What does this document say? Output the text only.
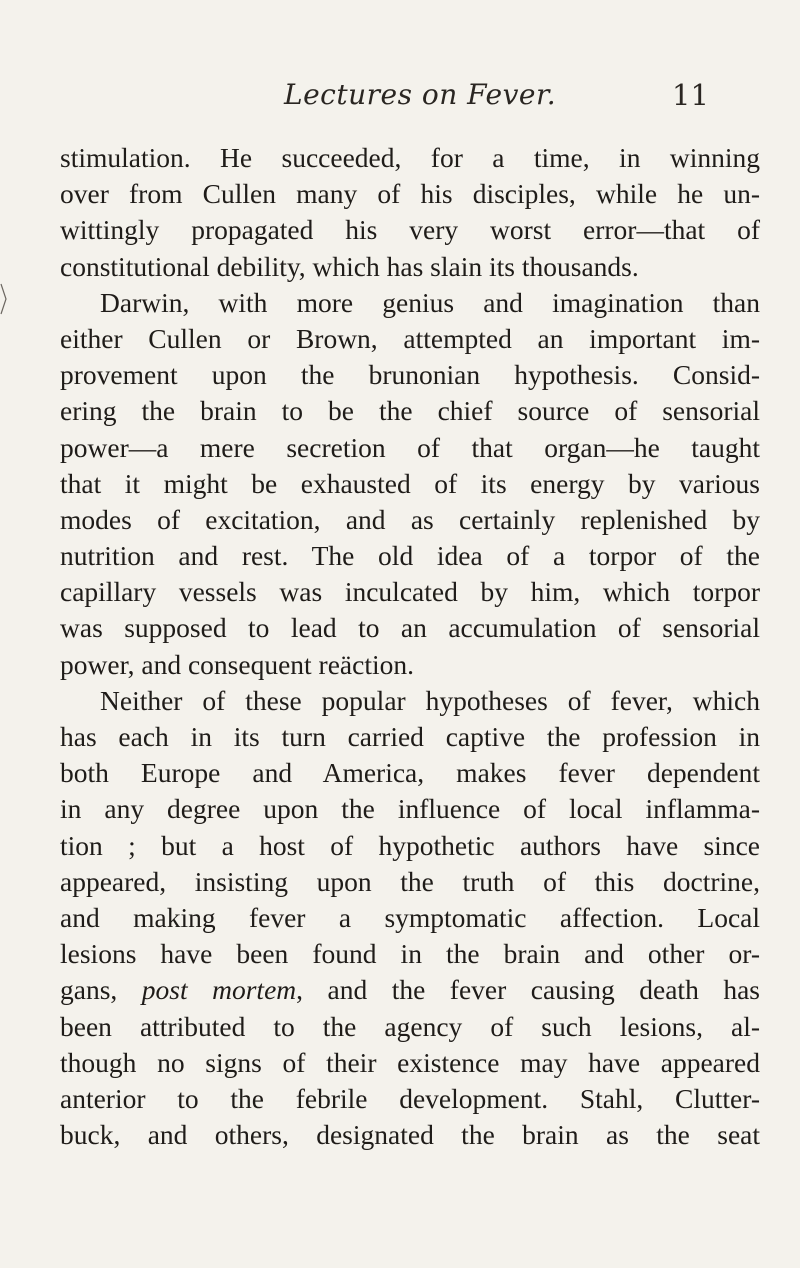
Lectures on Fever.	11
stimulation. He succeeded, for a time, in winning
over from Cullen many of his disciples, while he un-
wittingly propagated his very worst error—that of
constitutional debility, which has slain its thousands.
Darwin, with more genius and imagination than
either Cullen or Brown, attempted an important im-
provement upon the brunonian hypothesis. Consid-
ering the brain to be the chief source of sensorial
power—a mere secretion of that organ—he taught
that it might be exhausted of its energy by various
modes of excitation, and as certainly replenished by
nutrition and rest. The old idea of a torpor of the
capillary vessels was inculcated by him, which torpor
was supposed to lead to an accumulation of sensorial
power, and consequent reäction.
Neither of these popular hypotheses of fever, which
has each in its turn carried captive the profession in
both Europe and America, makes fever dependent
in any degree upon the influence of local inflamma-
tion ; but a host of hypothetic authors have since
appeared, insisting upon the truth of this doctrine,
and making fever a symptomatic affection. Local
lesions have been found in the brain and other or-
gans, post mortem, and the fever causing death has
been attributed to the agency of such lesions, al-
though no signs of their existence may have appeared
anterior to the febrile development. Stahl, Clutter-
buck, and others, designated the brain as the seat
